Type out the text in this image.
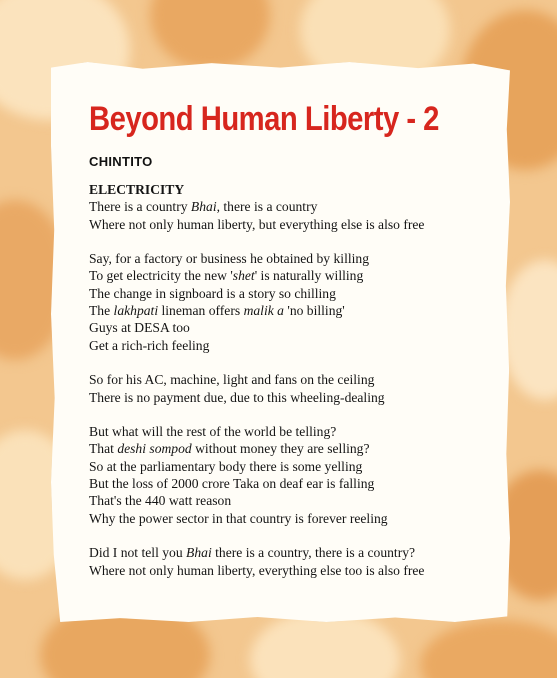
Beyond Human Liberty - 2
CHINTITO
ELECTRICITY
There is a country Bhai, there is a country
Where not only human liberty, but everything else is also free
Say, for a factory or business he obtained by killing
To get electricity the new 'shet' is naturally willing
The change in signboard is a story so chilling
The lakhpati lineman offers malik a 'no billing'
Guys at DESA too
Get a rich-rich feeling
So for his AC, machine, light and fans on the ceiling
There is no payment due, due to this wheeling-dealing
But what will the rest of the world be telling?
That deshi sompod without money they are selling?
So at the parliamentary body there is some yelling
But the loss of 2000 crore Taka on deaf ear is falling
That's the 440 watt reason
Why the power sector in that country is forever reeling
Did I not tell you Bhai there is a country, there is a country?
Where not only human liberty, everything else too is also free
